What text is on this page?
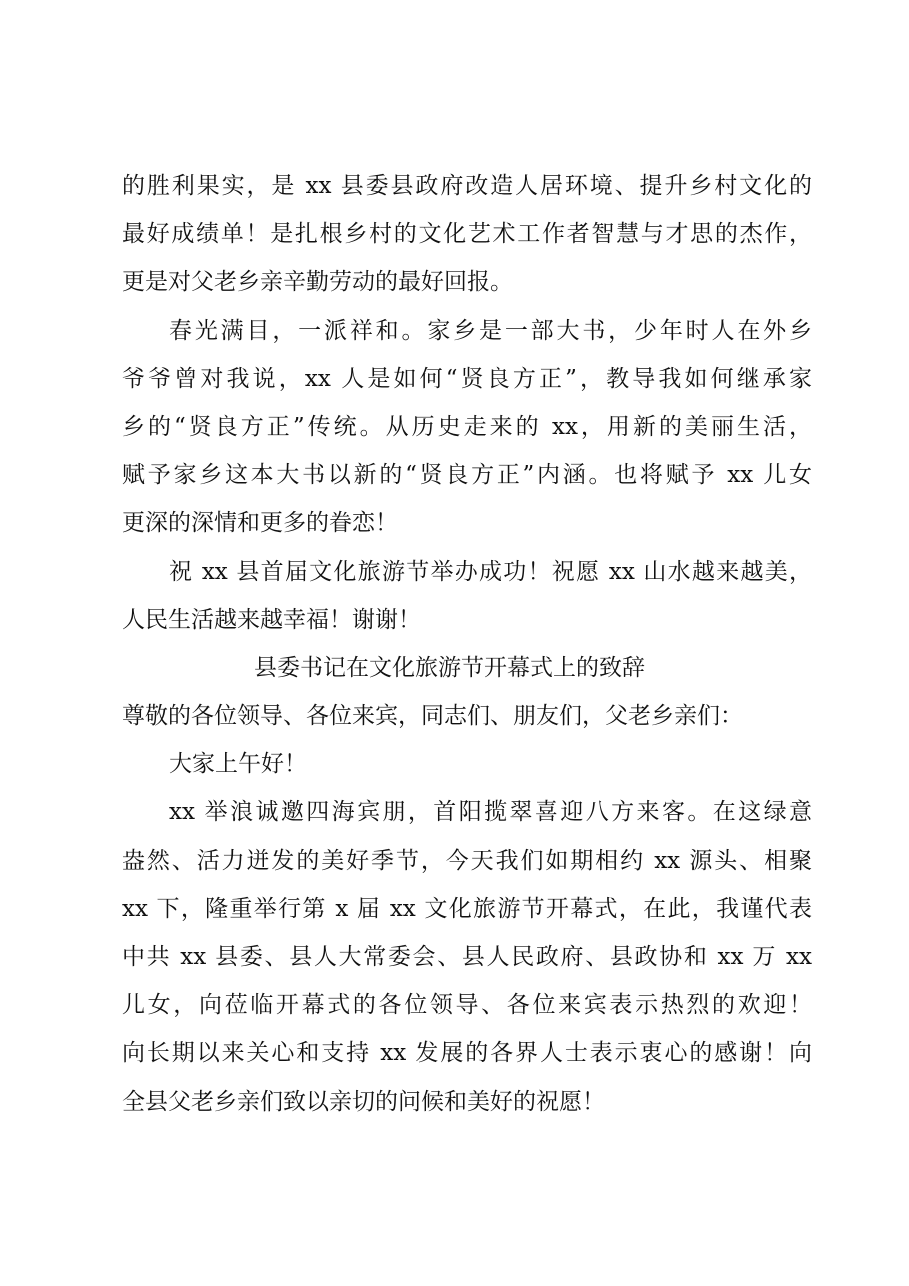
的胜利果实，是 xx 县委县政府改造人居环境、提升乡村文化的
最好成绩单！是扎根乡村的文化艺术工作者智慧与才思的杰作，
更是对父老乡亲辛勤劳动的最好回报。
春光满目，一派祥和。家乡是一部大书，少年时人在外乡
爷爷曾对我说，xx 人是如何“贤良方正”，教导我如何继承家
乡的“贤良方正”传统。从历史走来的 xx，用新的美丽生活，
赋予家乡这本大书以新的“贤良方正”内涵。也将赋予 xx 儿女
更深的深情和更多的眷恋！
祝 xx 县首届文化旅游节举办成功！祝愿 xx 山水越来越美，
人民生活越来越幸福！谢谢！
县委书记在文化旅游节开幕式上的致辞
尊敬的各位领导、各位来宾，同志们、朋友们，父老乡亲们：
大家上午好！
xx 举浪诚邀四海宾朋，首阳揽翠喜迎八方来客。在这绿意
盎然、活力迸发的美好季节，今天我们如期相约 xx 源头、相聚
xx 下，隆重举行第 x 届 xx 文化旅游节开幕式，在此，我谨代表
中共 xx 县委、县人大常委会、县人民政府、县政协和 xx 万 xx
儿女，向莅临开幕式的各位领导、各位来宾表示热烈的欢迎！
向长期以来关心和支持 xx 发展的各界人士表示衷心的感谢！向
全县父老乡亲们致以亲切的问候和美好的祝愿！
